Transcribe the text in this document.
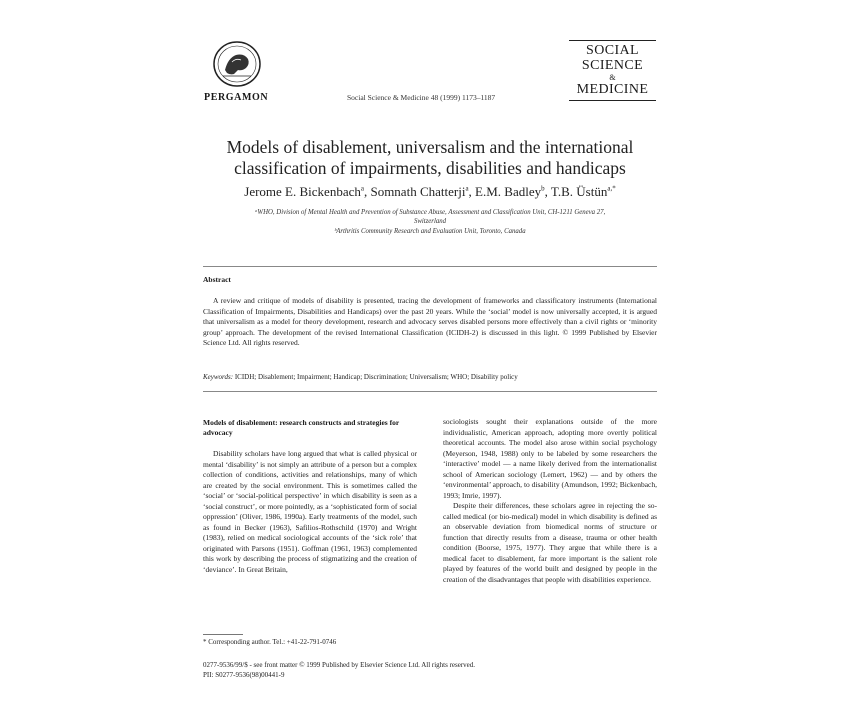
PERGAMON	Social Science & Medicine 48 (1999) 1173–1187
SOCIAL
SCIENCE
&
MEDICINE
Models of disablement, universalism and the international
classification of impairments, disabilities and handicaps
Jerome E. Bickenbach$^a$, Somnath Chatterji$^a$, E.M. Badley$^b$, T.B. Üstün$^{a,*}$
ᵃWHO, Division of Mental Health and Prevention of Substance Abuse, Assessment and Classification Unit, CH-1211 Geneva 27,
Switzerland
ᵇArthritis Community Research and Evaluation Unit, Toronto, Canada
Abstract
A review and critique of models of disability is presented, tracing the development of frameworks and classificatory instruments (International Classification of Impairments, Disabilities and Handicaps) over the past 20 years. While the ‘social’ model is now universally accepted, it is argued that universalism as a model for theory development, research and advocacy serves disabled persons more effectively than a civil rights or ‘minority group’ approach. The development of the revised International Classification (ICIDH-2) is discussed in this light. © 1999 Published by Elsevier Science Ltd. All rights reserved.
Keywords: ICIDH; Disablement; Impairment; Handicap; Discrimination; Universalism; WHO; Disability policy
Models of disablement: research constructs and strategies for advocacy

Disability scholars have long argued that what is called physical or mental ‘disability’ is not simply an attribute of a person but a complex collection of conditions, activities and relationships, many of which are created by the social environment. This is sometimes called the ‘social’ or ‘social-political perspective’ in which disability is seen as a ‘social construct’, or more pointedly, as a ‘sophisticated form of social oppression’ (Oliver, 1986, 1990a). Early treatments of the model, such as found in Becker (1963), Safilios-Rothschild (1970) and Wright (1983), relied on medical sociological accounts of the ‘sick role’ that originated with Parsons (1951). Goffman (1961, 1963) complemented this work by describing the process of stigmatizing and the creation of ‘deviance’. In Great Britain,

sociologists sought their explanations outside of the more individualistic, American approach, adopting more overtly political theoretical accounts. The model also arose within social psychology (Meyerson, 1948, 1988) only to be labeled by some researchers the ‘interactive’ model — a name likely derived from the internationalist school of American sociology (Lemert, 1962) — and by others the ‘environmental’ approach, to disability (Amundson, 1992; Bickenbach, 1993; Imrie, 1997).

Despite their differences, these scholars agree in rejecting the so-called medical (or bio-medical) model in which disability is defined as an observable deviation from biomedical norms of structure or function that directly results from a disease, trauma or other health condition (Boorse, 1975, 1977). They argue that while there is a medical facet to disablement, far more important is the salient role played by features of the world built and designed by people in the creation of the disadvantages that people with disabilities experience.

* Corresponding author. Tel.: +41-22-791-0746
0277-9536/99/$ - see front matter © 1999 Published by Elsevier Science Ltd. All rights reserved.
PII: S0277-9536(98)00441-9
